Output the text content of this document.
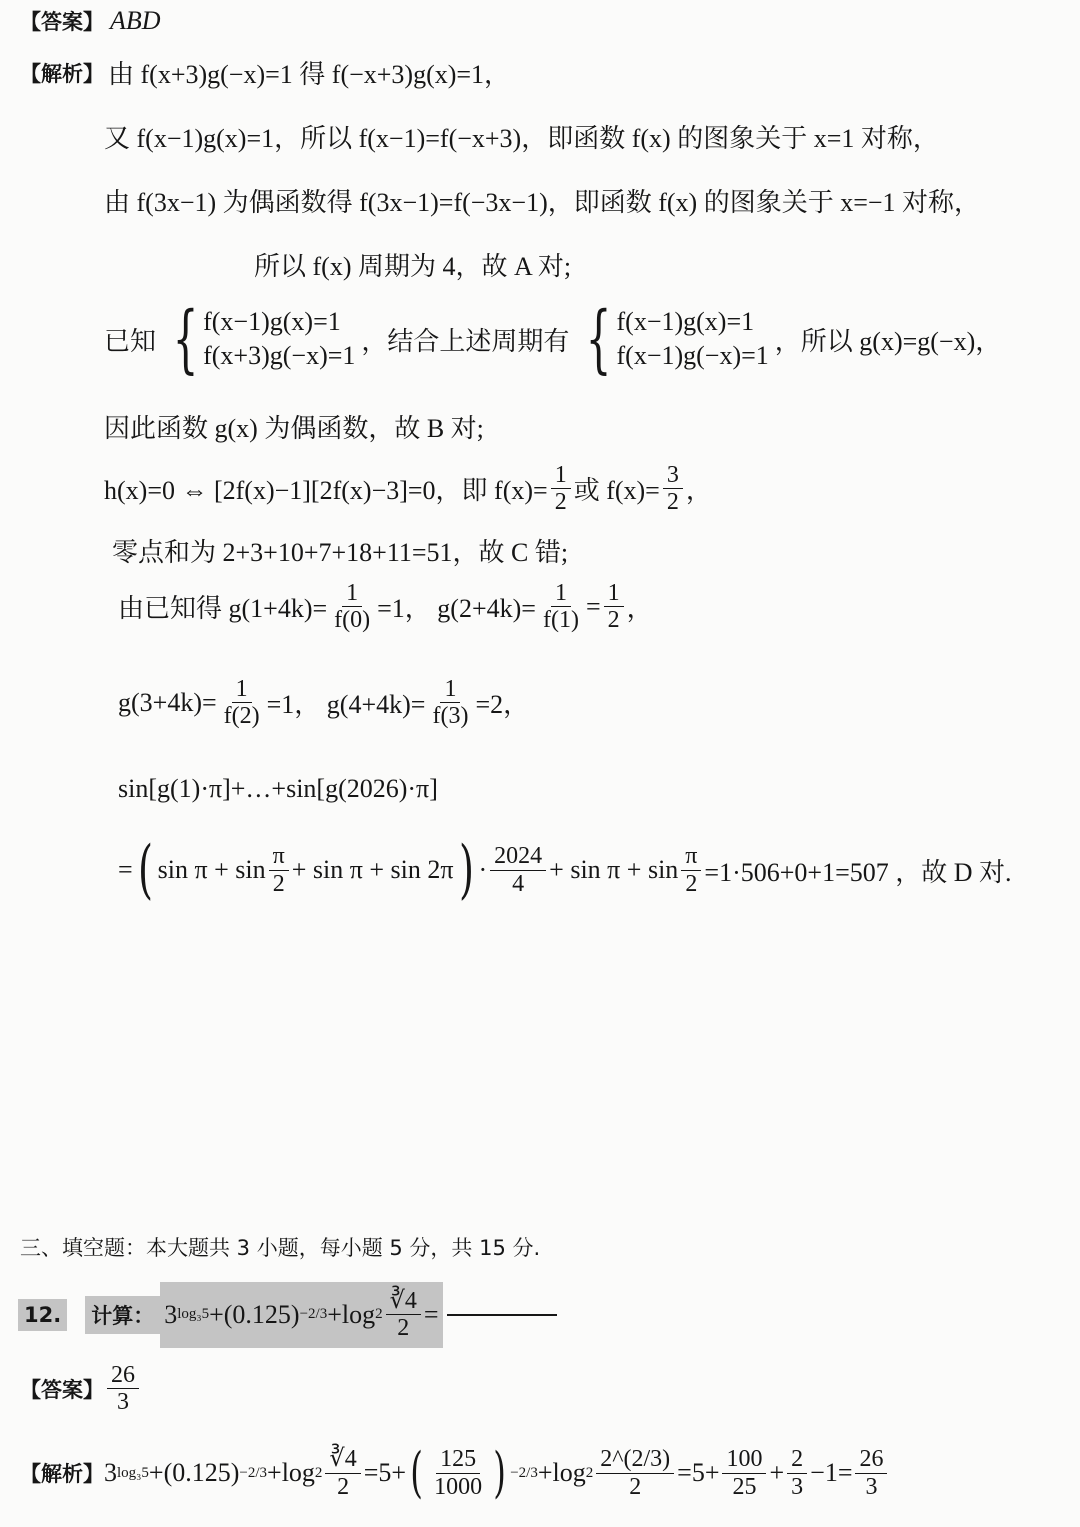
【答案】 ABD
【解析】 由 f(x+3)g(−x)=1 得 f(−x+3)g(x)=1，
又 f(x−1)g(x)=1，所以 f(x−1)=f(−x+3)，即函数 f(x) 的图象关于 x=1 对称，
由 f(3x−1) 为偶函数得 f(3x−1)=f(−3x−1)，即函数 f(x) 的图象关于 x=−1 对称，
所以 f(x) 周期为 4，故 A 对;
已知 { f(x−1)g(x)=1
f(x+3)g(−x)=1 ，结合上述周期有 { f(x−1)g(x)=1
f(x−1)g(−x)=1 ，所以 g(x)=g(−x)，
因此函数 g(x) 为偶函数，故 B 对;
h(x)=0 ⇔ [2f(x)−1][2f(x)−3]=0，即 $f(x)= \frac{1}{2}$ 或 $f(x)= \frac{3}{2}$ ，
零点和为 2+3+10+7+18+11=51，故 C 错;
由已知得 $g(1+4k)= \frac{1}{f(0)} =1$， $g(2+4k)= \frac{1}{f(1)} = \frac{1}{2}$ ，
$g(3+4k)= \frac{1}{f(2)} =1$， $g(4+4k)= \frac{1}{f(3)} =2$，
sin[g(1)·π]+…+sin[g(2026)·π]
= ( $\sin \pi + \sin \frac{\pi}{2} + \sin \pi + \sin 2\pi$ ) · $\frac{2024}{4} + \sin \pi + \sin \frac{\pi}{2} =1\cdot 506+0+1=507$ ，故 D 对.
三、填空题：本大题共 3 小题，每小题 5 分，共 15 分.
12. 计算： 3 log₃5 +(0.125) −2/3 +log $2 \frac{∛4}{2}$ =
【答案】 $\frac{26}{3}$
【解析】 3 log₃5 +(0.125) −2/3 +log $2 \frac{∛4}{2} =5+$ ( $\frac{125}{1000}$ ) −2/3 +log $2 \frac{2\^{}(2/3)}{2} =5+ \frac{100}{25} + \frac{2}{3} -1= \frac{26}{3}$
